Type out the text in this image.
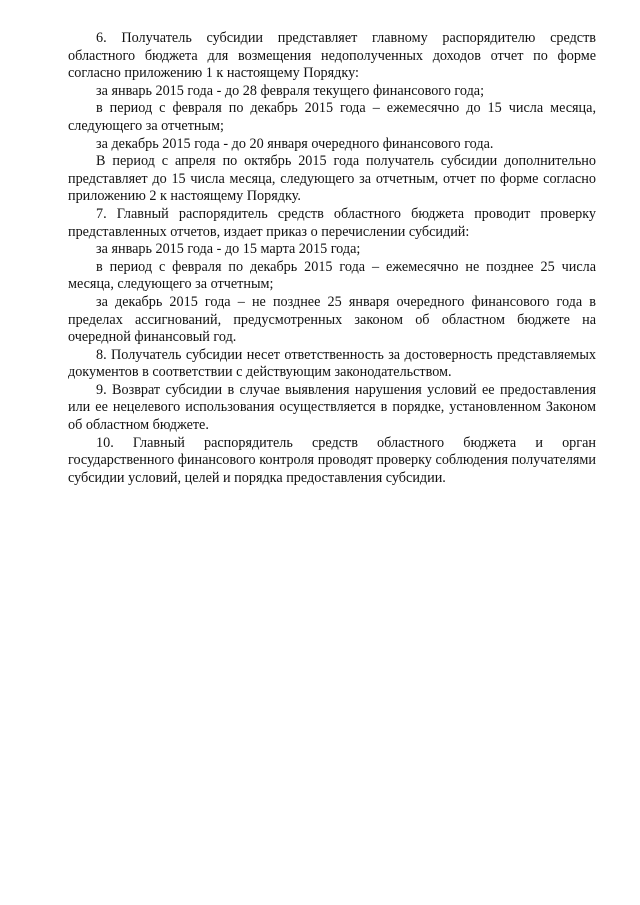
6. Получатель субсидии представляет главному распорядителю средств областного бюджета для возмещения недополученных доходов отчет по форме согласно приложению 1 к настоящему Порядку:

за январь 2015 года - до 28 февраля текущего финансового года;

в период с февраля по декабрь 2015 года – ежемесячно до 15 числа месяца, следующего за отчетным;

за декабрь 2015 года - до 20 января очередного финансового года.

В период с апреля по октябрь 2015 года получатель субсидии дополнительно представляет до 15 числа месяца, следующего за отчетным, отчет по форме согласно приложению 2 к настоящему Порядку.

7. Главный распорядитель средств областного бюджета проводит проверку представленных отчетов, издает приказ о перечислении субсидий:

за январь 2015 года - до 15 марта 2015 года;

в период с февраля по декабрь 2015 года – ежемесячно не позднее 25 числа месяца, следующего за отчетным;

за декабрь 2015 года – не позднее 25 января очередного финансового года в пределах ассигнований, предусмотренных законом об областном бюджете на очередной финансовый год.

8. Получатель субсидии несет ответственность за достоверность представляемых документов в соответствии с действующим законодательством.

9. Возврат субсидии в случае выявления нарушения условий ее предоставления или ее нецелевого использования осуществляется в порядке, установленном Законом об областном бюджете.

10. Главный распорядитель средств областного бюджета и орган государственного финансового контроля проводят проверку соблюдения получателями субсидии условий, целей и порядка предоставления субсидии.
